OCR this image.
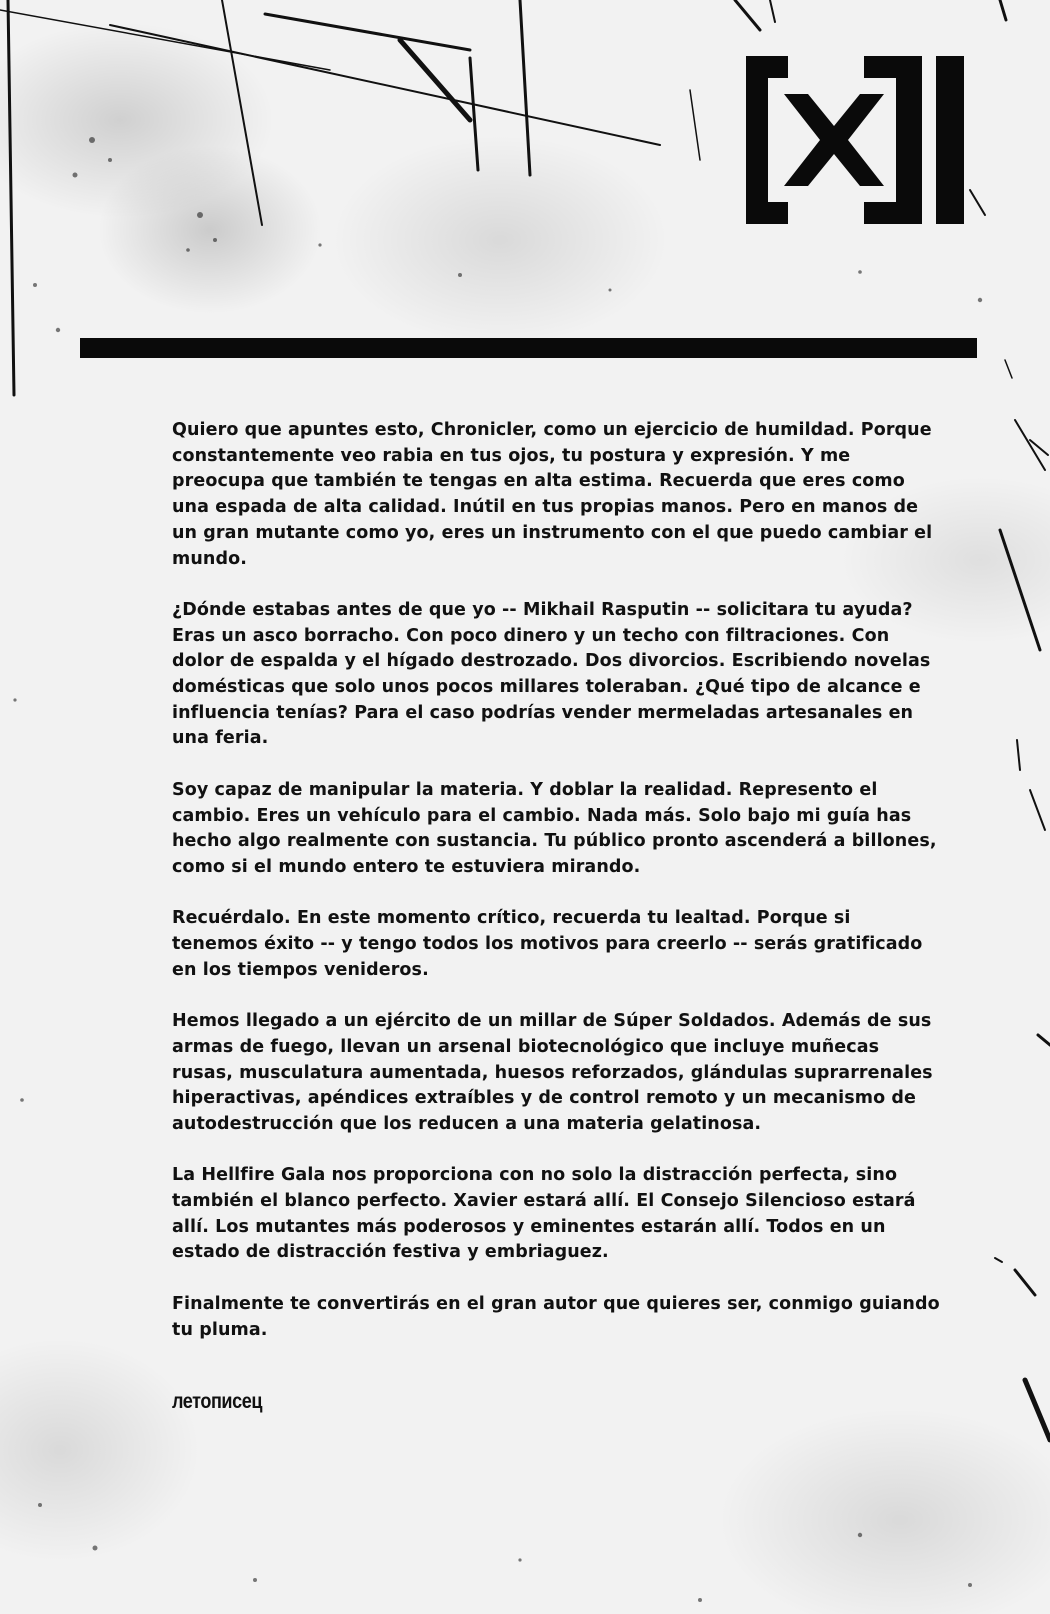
Quiero que apuntes esto, Chronicler, como un ejercicio de humildad. Porque constantemente veo rabia en tus ojos, tu postura y expresión. Y me preocupa que también te tengas en alta estima. Recuerda que eres como una espada de alta calidad. Inútil en tus propias manos. Pero en manos de un gran mutante como yo, eres un instrumento con el que puedo cambiar el mundo.

¿Dónde estabas antes de que yo -- Mikhail Rasputin -- solicitara tu ayuda? Eras un asco borracho. Con poco dinero y un techo con filtraciones. Con dolor de espalda y el hígado destrozado. Dos divorcios. Escribiendo novelas domésticas que solo unos pocos millares toleraban. ¿Qué tipo de alcance e influencia tenías? Para el caso podrías vender mermeladas artesanales en una feria.

Soy capaz de manipular la materia. Y doblar la realidad. Represento el cambio. Eres un vehículo para el cambio. Nada más. Solo bajo mi guía has hecho algo realmente con sustancia. Tu público pronto ascenderá a billones, como si el mundo entero te estuviera mirando.

Recuérdalo. En este momento crítico, recuerda tu lealtad. Porque si tenemos éxito -- y tengo todos los motivos para creerlo -- serás gratificado en los tiempos venideros.

Hemos llegado a un ejército de un millar de Súper Soldados. Además de sus armas de fuego, llevan un arsenal biotecnológico que incluye muñecas rusas, musculatura aumentada, huesos reforzados, glándulas suprarrenales hiperactivas, apéndices extraíbles y de control remoto y un mecanismo de autodestrucción que los reducen a una materia gelatinosa.

La Hellfire Gala nos proporciona con no solo la distracción perfecta, sino también el blanco perfecto. Xavier estará allí. El Consejo Silencioso estará allí. Los mutantes más poderosos y eminentes estarán allí. Todos en un estado de distracción festiva y embriaguez.

Finalmente te convertirás en el gran autor que quieres ser, conmigo guiando tu pluma.

летописец
